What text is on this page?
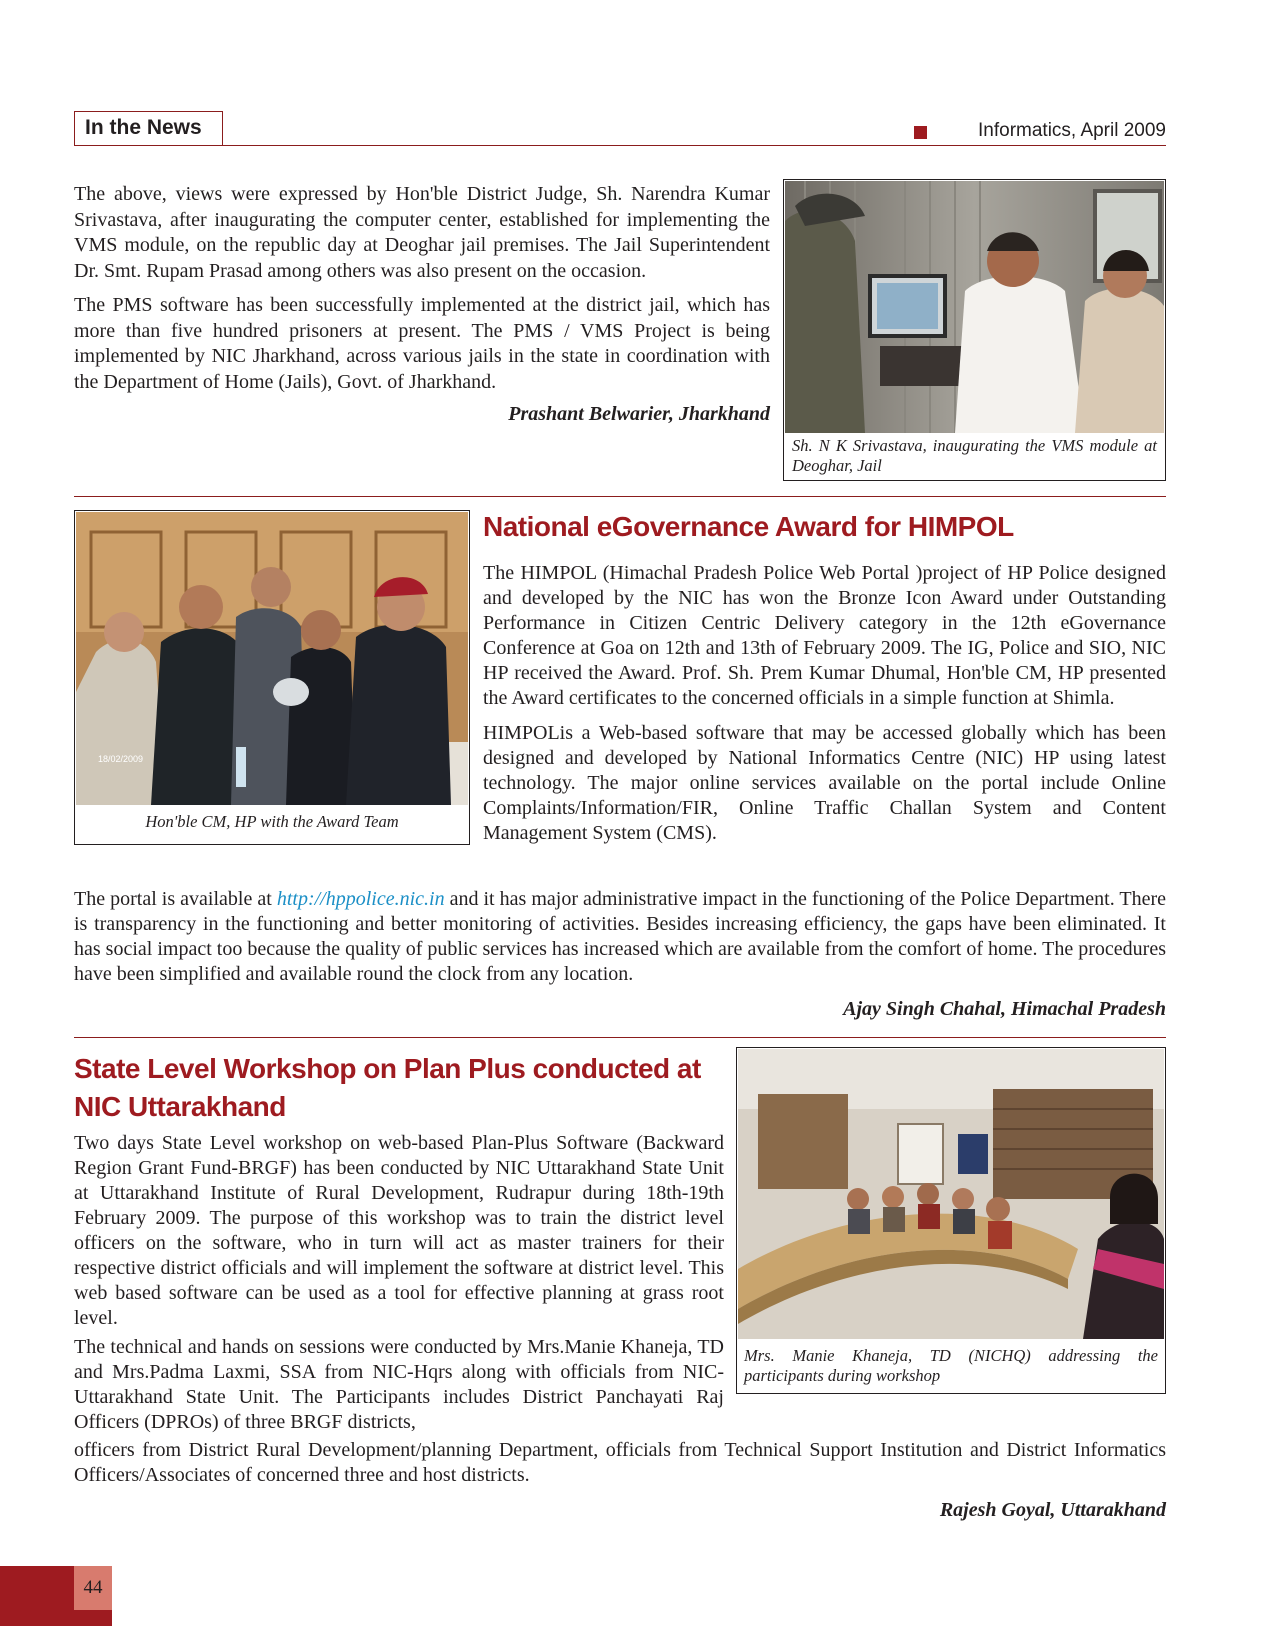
In the News	Informatics, April 2009

The above, views were expressed by Hon'ble District Judge, Sh. Narendra Kumar Srivastava, after inaugurating the computer center, established for implementing the VMS module, on the republic day at Deoghar jail premises. The Jail Superintendent Dr. Smt. Rupam Prasad among others was also present on the occasion.

The PMS software has been successfully implemented at the district jail, which has more than five hundred prisoners at present. The PMS / VMS Project is being implemented by NIC Jharkhand, across various jails in the state in coordination with the Department of Home (Jails), Govt. of Jharkhand.

Prashant Belwarier, Jharkhand

Sh. N K Srivastava, inaugurating the VMS module at Deoghar, Jail
18/02/2009
Hon'ble CM, HP with the Award Team
National eGovernance Award for HIMPOL

The HIMPOL (Himachal Pradesh Police Web Portal )project of HP Police designed and developed by the NIC has won the Bronze Icon Award under Outstanding Performance in Citizen Centric Delivery category in the 12th eGovernance Conference at Goa on 12th and 13th of February 2009. The IG, Police and SIO, NIC HP received the Award. Prof. Sh. Prem Kumar Dhumal, Hon'ble CM, HP presented the Award certificates to the concerned officials in a simple function at Shimla.

HIMPOLis a Web-based software that may be accessed globally which has been designed and developed by National Informatics Centre (NIC) HP using latest technology. The major online services available on the portal include Online Complaints/Information/FIR, Online Traffic Challan System and Content Management System (CMS).

The portal is available at http://hppolice.nic.in and it has major administrative impact in the functioning of the Police Department. There is transparency in the functioning and better monitoring of activities. Besides increasing efficiency, the gaps have been eliminated. It has social impact too because the quality of public services has increased which are available from the comfort of home. The procedures have been simplified and available round the clock from any location.

Ajay Singh Chahal, Himachal Pradesh

State Level Workshop on Plan Plus conducted at NIC Uttarakhand

Two days State Level workshop on web-based Plan-Plus Software (Backward Region Grant Fund-BRGF) has been conducted by NIC Uttarakhand State Unit at Uttarakhand Institute of Rural Development, Rudrapur during 18th-19th February 2009. The purpose of this workshop was to train the district level officers on the software, who in turn will act as master trainers for their respective district officials and will implement the software at district level. This web based software can be used as a tool for effective planning at grass root level.

The technical and hands on sessions were conducted by Mrs.Manie Khaneja, TD and Mrs.Padma Laxmi, SSA from NIC-Hqrs along with officials from NIC-Uttarakhand State Unit. The Participants includes District Panchayati Raj Officers (DPROs) of three BRGF districts,

officers from District Rural Development/planning Department, officials from Technical Support Institution and District Informatics Officers/Associates of concerned three and host districts.

Rajesh Goyal, Uttarakhand

Mrs. Manie Khaneja, TD (NICHQ) addressing the participants during workshop
44
